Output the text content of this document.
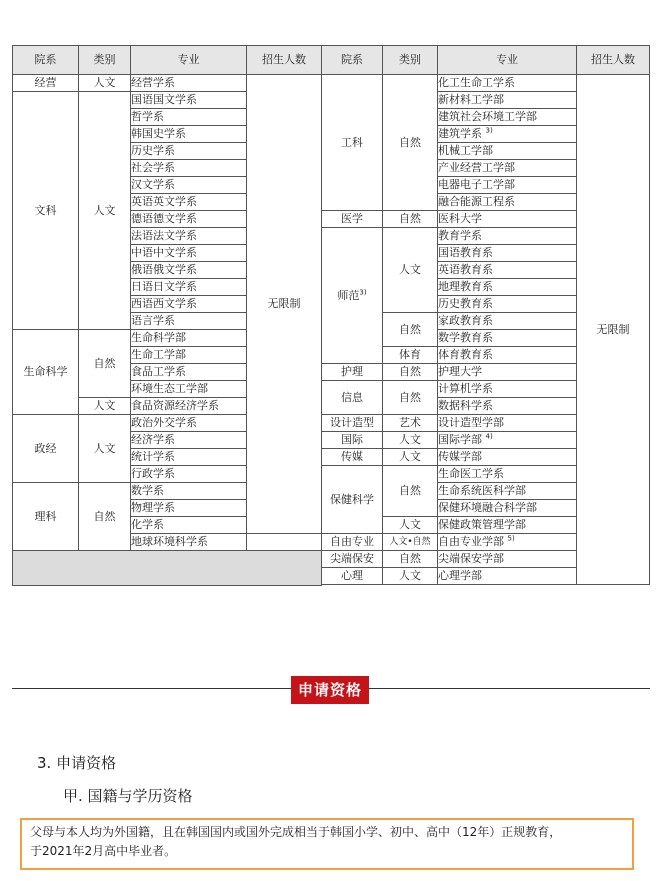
院系	类别	专业	招生人数
经营	人文	经营学系	无限制
文科	人文	国语国文学系	
		哲学系	
		韩国史学系	
		历史学系	
		社会学系	
		汉文学系	
		英语英文学系	
		德语德文学系	
		法语法文学系	
		中语中文学系	
		俄语俄文学系	
		日语日文学系	
		西语西文学系	
		语言学系	
生命科学	自然	生命科学部	
		生命工学部	
		食品工学系	
		环境生态工学部	
	人文	食品资源经济学系	
政经	人文	政治外交学系	
		经济学系	
		统计学系	
		行政学系	
理科	自然	数学系	
		物理学系	
		化学系	
		地球环境科学系	

院系	类别	专业	招生人数
工科	自然	化工生命工学系	无限制
		新材料工学部	
		建筑社会环境工学部	
		建筑学系 $^{3)}$
		机械工学部	
		产业经营工学部	
		电器电子工学部	
		融合能源工程系	
医学	自然	医科大学	
师范$^{3)}$	人文	教育学系	
		国语教育系	
		英语教育系	
		地理教育系	
		历史教育系	
	自然	家政教育系	
		数学教育系	
	体育	体育教育系	
护理	自然	护理大学	
信息	自然	计算机学系	
		数据科学系	
设计造型	艺术	设计造型学部	
国际	人文	国际学部 $^{4)}$
传媒	人文	传媒学部	
保健科学	自然	生命医工学系	
		生命系统医科学部	
		保健环境融合科学部	
	人文	保健政策管理学部	
自由专业	人文•自然	自由专业学部 $^{5)}$
尖端保安	自然	尖端保安学部	
心理	人文	心理学部	
申请资格
3. 申请资格
甲. 国籍与学历资格
父母与本人均为外国籍，且在韩国国内或国外完成相当于韩国小学、初中、高中（12年）正规教育，
于2021年2月高中毕业者。
